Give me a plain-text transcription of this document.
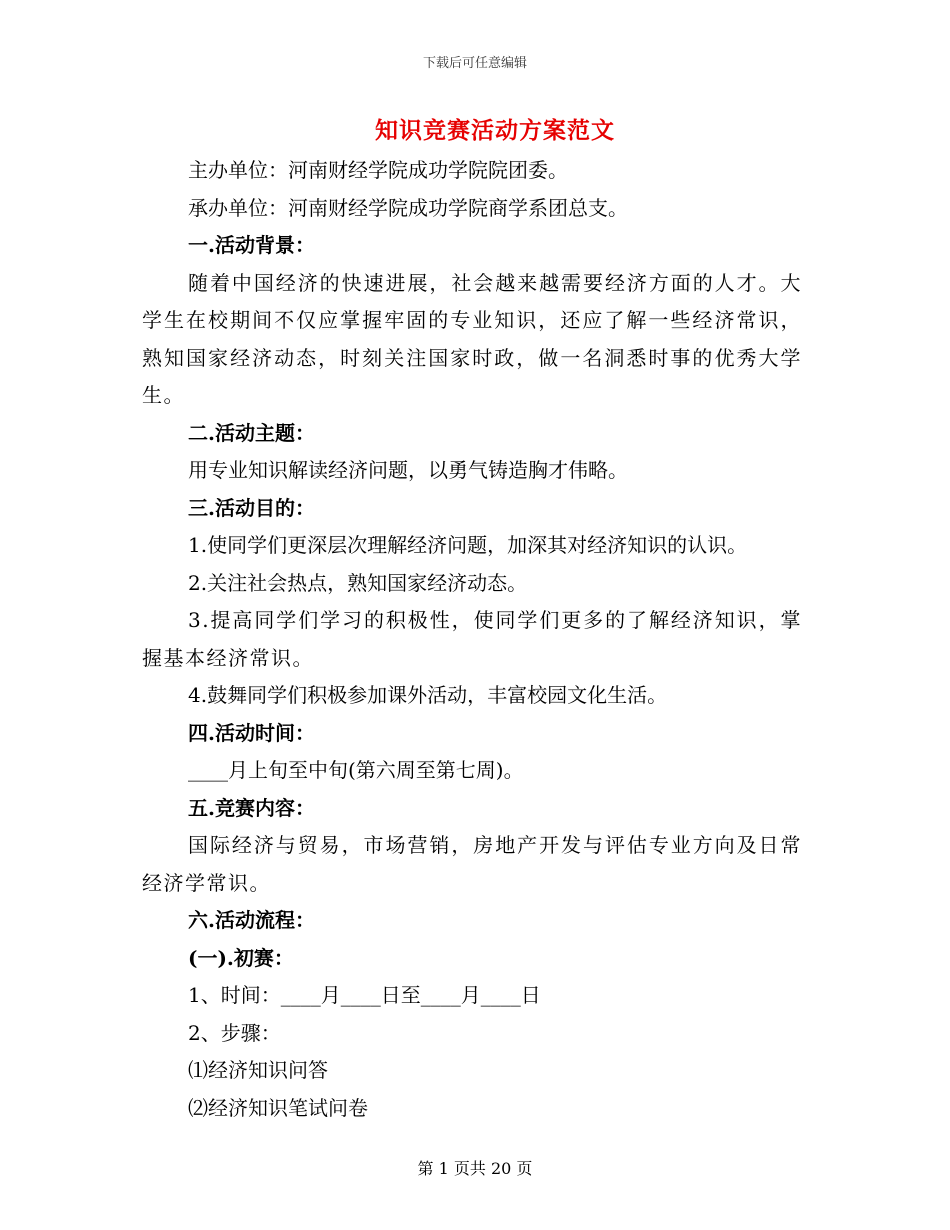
下载后可任意编辑
知识竞赛活动方案范文
主办单位：河南财经学院成功学院院团委。
承办单位：河南财经学院成功学院商学系团总支。
一.活动背景：
随着中国经济的快速进展，社会越来越需要经济方面的人才。大学生在校期间不仅应掌握牢固的专业知识，还应了解一些经济常识，熟知国家经济动态，时刻关注国家时政，做一名洞悉时事的优秀大学生。
二.活动主题：
用专业知识解读经济问题，以勇气铸造胸才伟略。
三.活动目的：
1.使同学们更深层次理解经济问题，加深其对经济知识的认识。
2.关注社会热点，熟知国家经济动态。
3.提高同学们学习的积极性，使同学们更多的了解经济知识，掌握基本经济常识。
4.鼓舞同学们积极参加课外活动，丰富校园文化生活。
四.活动时间：
____月上旬至中旬(第六周至第七周)。
五.竞赛内容：
国际经济与贸易，市场营销，房地产开发与评估专业方向及日常经济学常识。
六.活动流程：
(一).初赛：
1、时间：____月____日至____月____日
2、步骤：
⑴经济知识问答
⑵经济知识笔试问卷
第 1 页共 20 页
